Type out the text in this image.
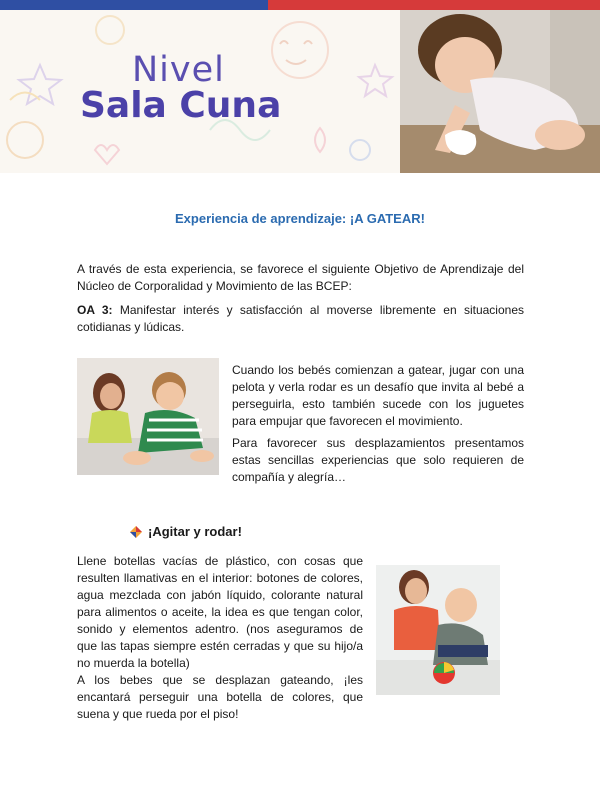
Nivel
Sala Cuna
Experiencia de aprendizaje: ¡A GATEAR!
A través de esta experiencia, se favorece el siguiente Objetivo de Aprendizaje del Núcleo de Corporalidad y Movimiento de las BCEP:
OA 3: Manifestar interés y satisfacción al moverse libremente en situaciones cotidianas y lúdicas.
Cuando los bebés comienzan a gatear, jugar con una pelota y verla rodar es un desafío que invita al bebé a perseguirla, esto también sucede con los juguetes para empujar que favorecen el movimiento.
Para favorecer sus desplazamientos presentamos estas sencillas experiencias que solo requieren de compañía y alegría…
¡Agitar y rodar!
Llene botellas vacías de plástico, con cosas que resulten llamativas en el interior: botones de colores, agua mezclada con jabón líquido, colorante natural para alimentos o aceite, la idea es que tengan color, sonido y elementos adentro. (nos aseguramos de que las tapas siempre estén cerradas y que su hijo/a no muerda la botella)
A los bebes que se desplazan gateando, ¡les encantará perseguir una botella de colores, que suena y que rueda por el piso!
